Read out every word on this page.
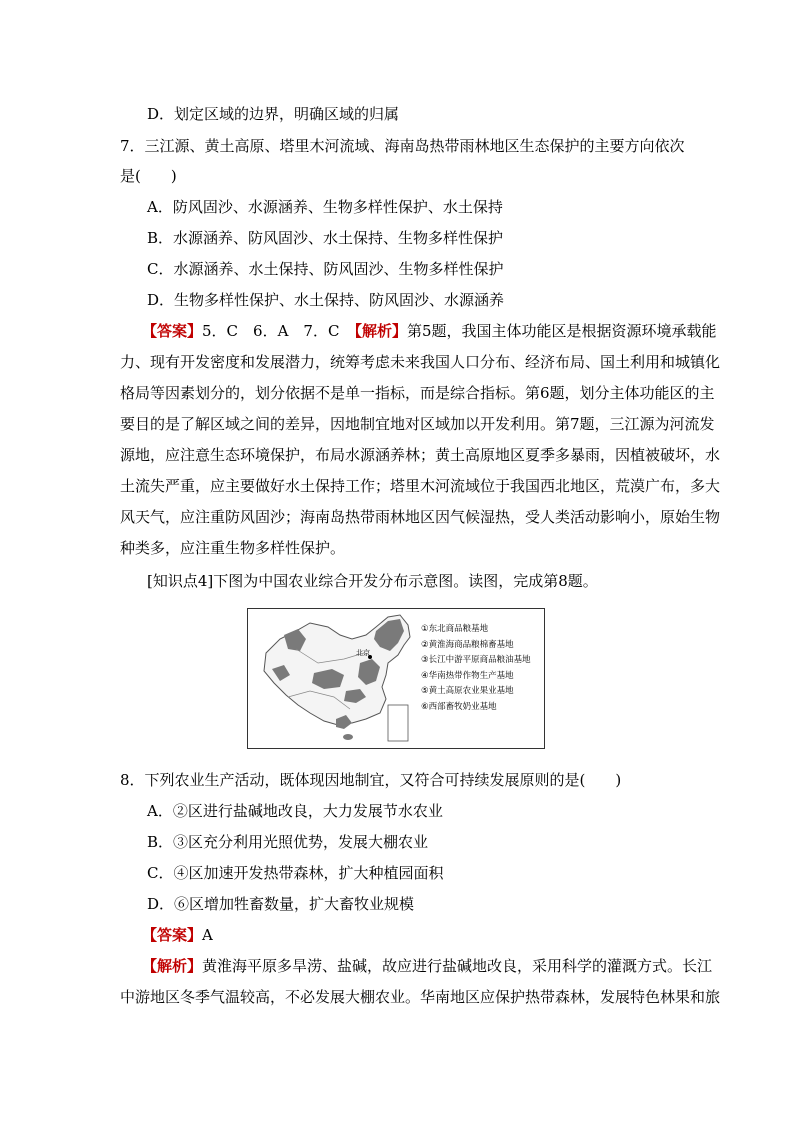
D．划定区域的边界，明确区域的归属
7．三江源、黄土高原、塔里木河流域、海南岛热带雨林地区生态保护的主要方向依次
是(　　)
A．防风固沙、水源涵养、生物多样性保护、水土保持
B．水源涵养、防风固沙、水土保持、生物多样性保护
C．水源涵养、水土保持、防风固沙、生物多样性保护
D．生物多样性保护、水土保持、防风固沙、水源涵养
【答案】5．C　6．A　7．C　【解析】第5题，我国主体功能区是根据资源环境承载能
力、现有开发密度和发展潜力，统筹考虑未来我国人口分布、经济布局、国土利用和城镇化
格局等因素划分的，划分依据不是单一指标，而是综合指标。第6题，划分主体功能区的主
要目的是了解区域之间的差异，因地制宜地对区域加以开发利用。第7题，三江源为河流发
源地，应注意生态环境保护，布局水源涵养林；黄土高原地区夏季多暴雨，因植被破坏，水
土流失严重，应主要做好水土保持工作；塔里木河流域位于我国西北地区，荒漠广布，多大
风天气，应注重防风固沙；海南岛热带雨林地区因气候湿热，受人类活动影响小，原始生物
种类多，应注重生物多样性保护。
[知识点4]下图为中国农业综合开发分布示意图。读图，完成第8题。
北京
①东北商品粮基地
②黄淮海商品粮棉畜基地
③长江中游平原商品粮油基地
④华南热带作物生产基地
⑤黄土高原农业果业基地
⑥西部畜牧奶业基地
8．下列农业生产活动，既体现因地制宜，又符合可持续发展原则的是(　　)
A．②区进行盐碱地改良，大力发展节水农业
B．③区充分利用光照优势，发展大棚农业
C．④区加速开发热带森林，扩大种植园面积
D．⑥区增加牲畜数量，扩大畜牧业规模
【答案】A
【解析】黄淮海平原多旱涝、盐碱，故应进行盐碱地改良，采用科学的灌溉方式。长江
中游地区冬季气温较高，不必发展大棚农业。华南地区应保护热带森林，发展特色林果和旅
